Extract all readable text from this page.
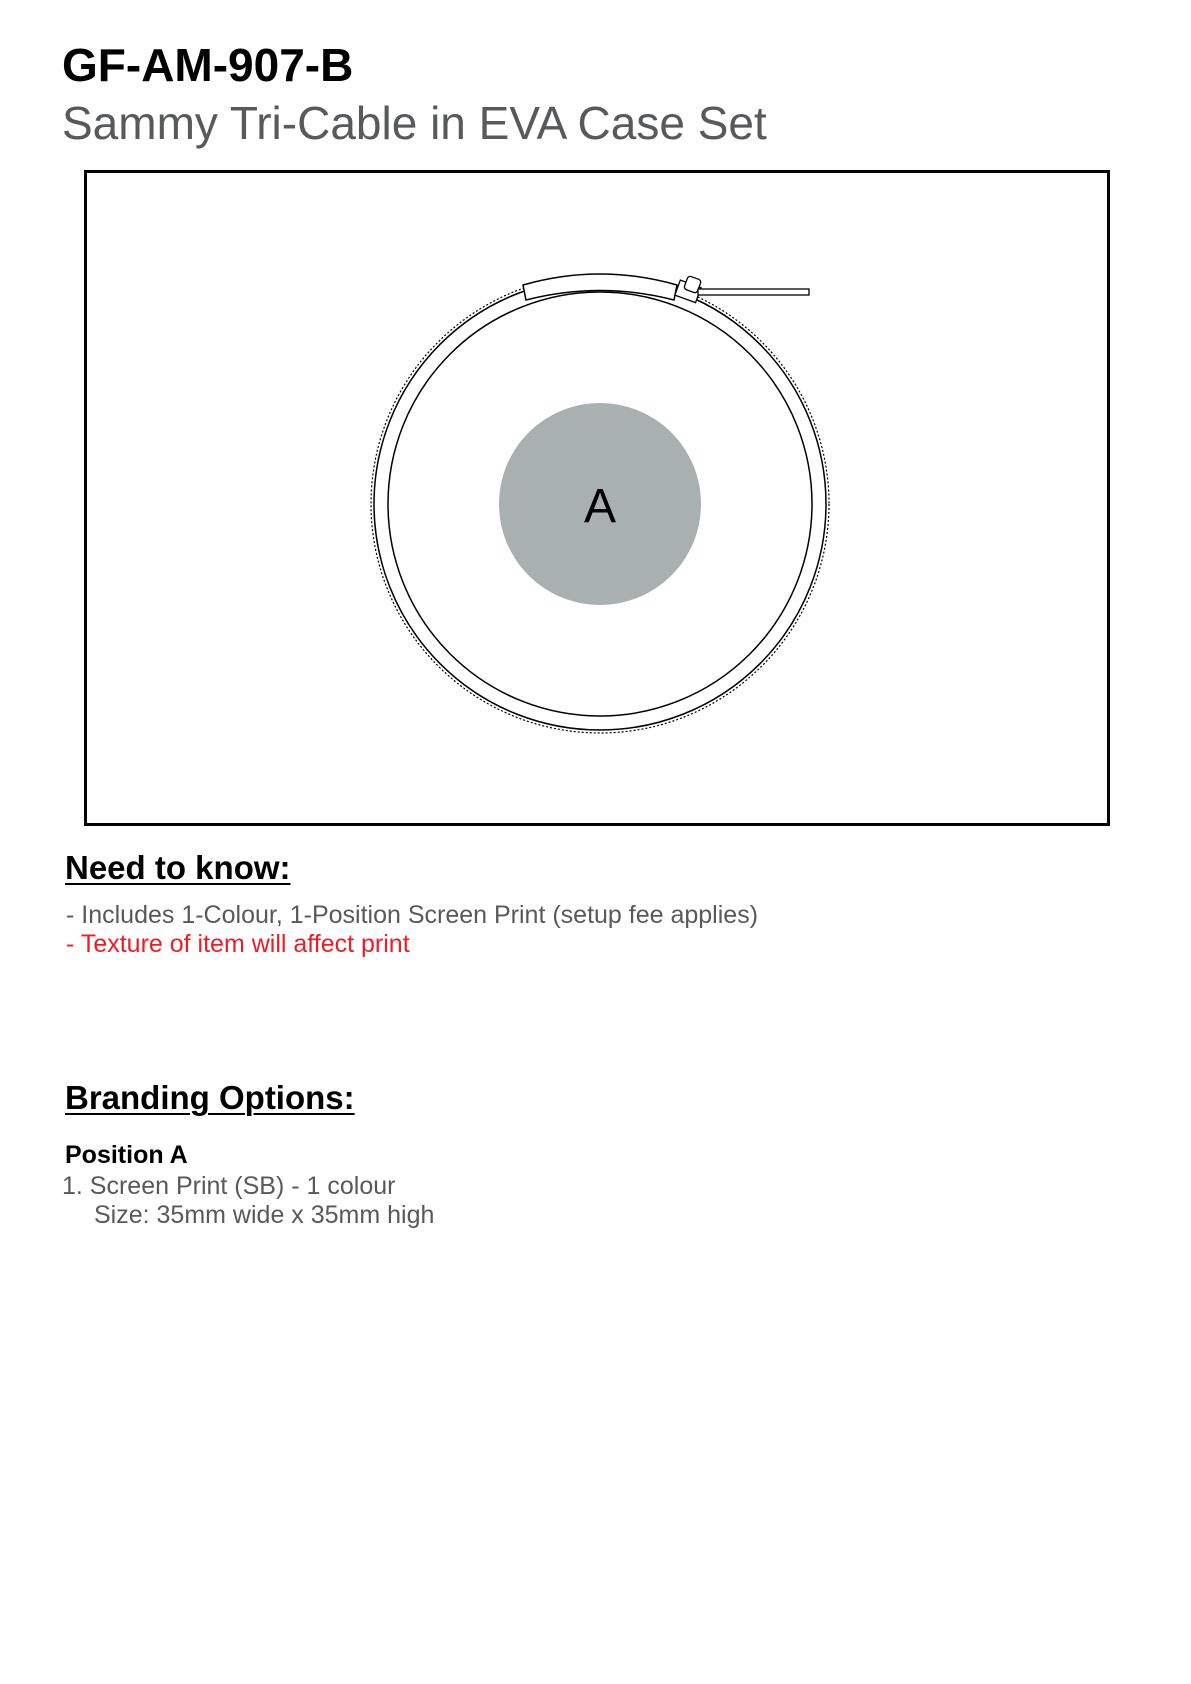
GF-AM-907-B
Sammy Tri-Cable in EVA Case Set
A
Need to know:
- Includes 1-Colour, 1-Position Screen Print (setup fee applies)
- Texture of item will affect print
Branding Options:
Position A
1. Screen Print (SB) - 1 colour
Size: 35mm wide x 35mm high
